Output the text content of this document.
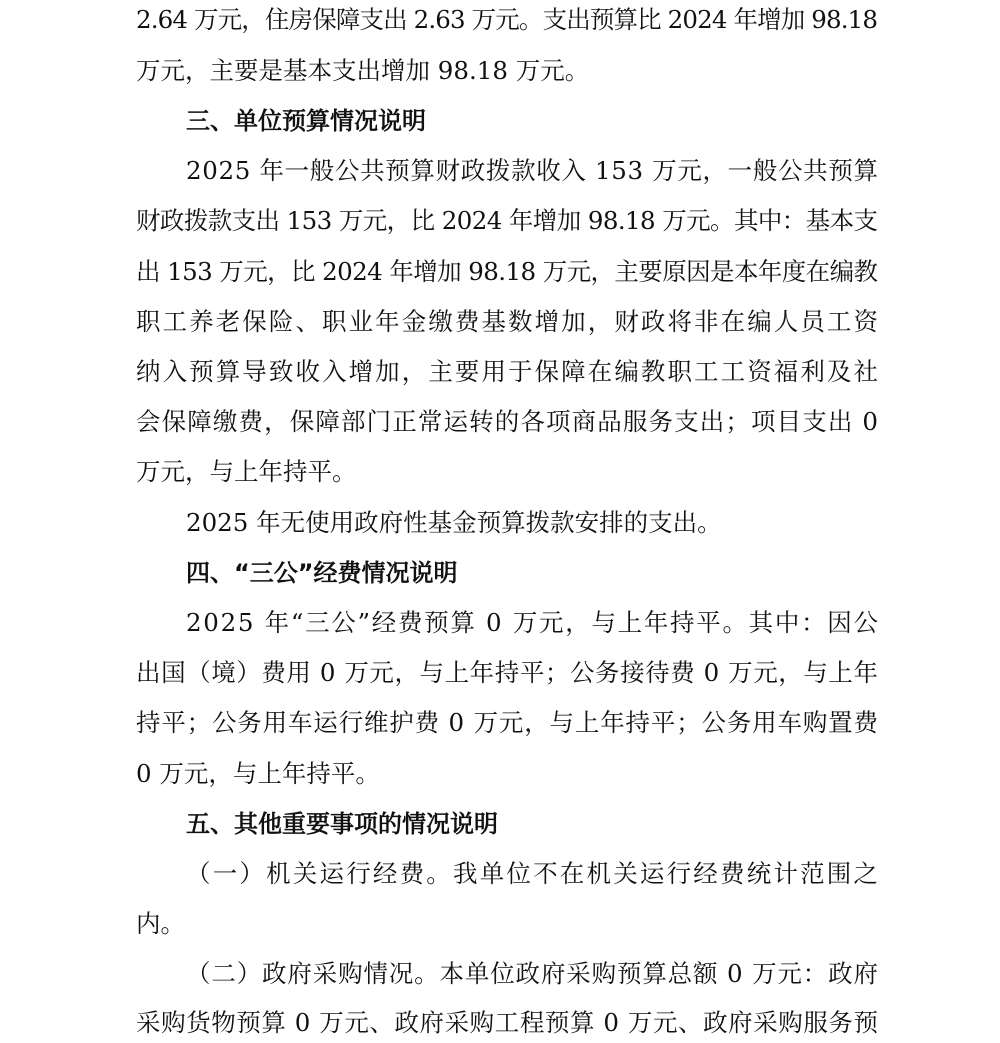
2.64 万元，住房保障支出 2.63 万元。支出预算比 2024 年增加 98.18
万元，主要是基本支出增加 98.18 万元。
三、单位预算情况说明
2025 年一般公共预算财政拨款收入 153 万元，一般公共预算
财政拨款支出 153 万元，比 2024 年增加 98.18 万元。其中：基本支
出 153 万元，比 2024 年增加 98.18 万元，主要原因是本年度在编教
职工养老保险、职业年金缴费基数增加，财政将非在编人员工资
纳入预算导致收入增加，主要用于保障在编教职工工资福利及社
会保障缴费，保障部门正常运转的各项商品服务支出；项目支出 0
万元，与上年持平。
2025 年无使用政府性基金预算拨款安排的支出。
四、“三公”经费情况说明
2025 年“三公”经费预算 0 万元，与上年持平。其中：因公
出国（境）费用 0 万元，与上年持平；公务接待费 0 万元，与上年
持平；公务用车运行维护费 0 万元，与上年持平；公务用车购置费
0 万元，与上年持平。
五、其他重要事项的情况说明
（一）机关运行经费。我单位不在机关运行经费统计范围之
内。
（二）政府采购情况。本单位政府采购预算总额 0 万元：政府
采购货物预算 0 万元、政府采购工程预算 0 万元、政府采购服务预
